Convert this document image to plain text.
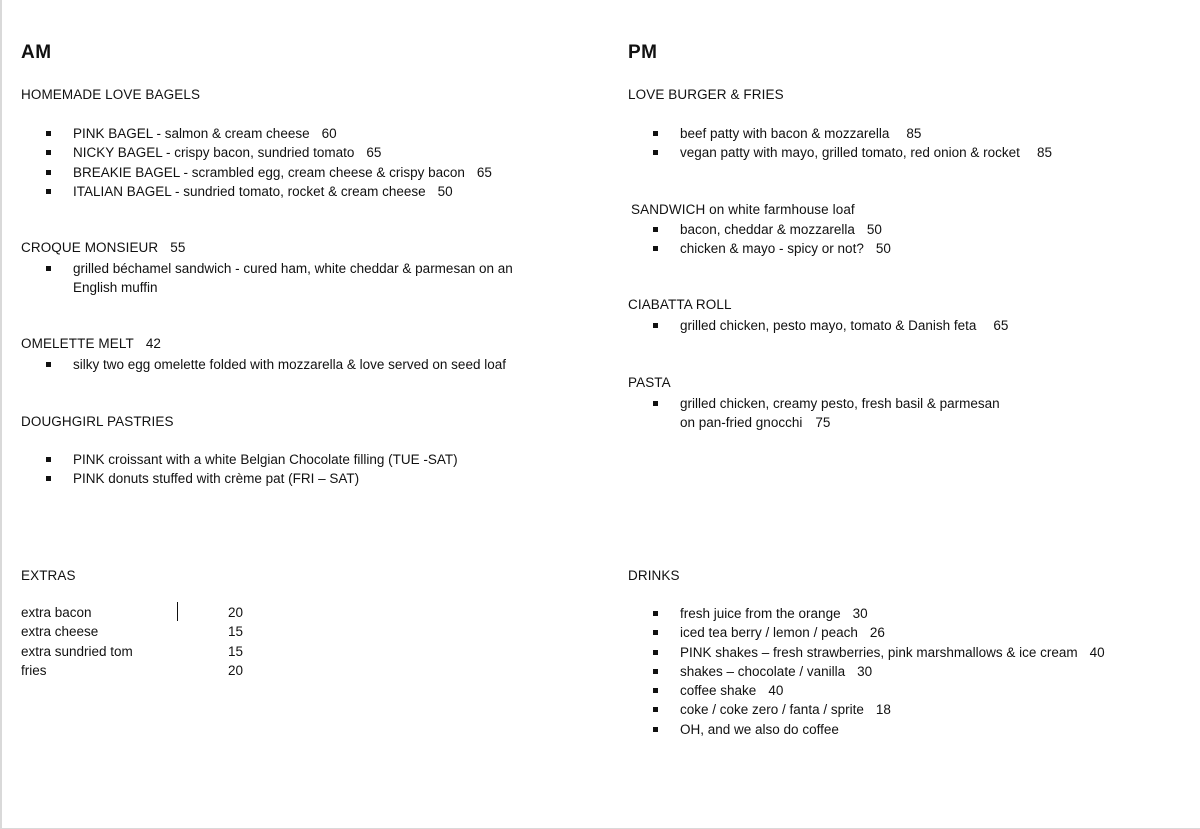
AM
HOMEMADE LOVE BAGELS
PINK BAGEL - salmon & cream cheese 60
NICKY BAGEL - crispy bacon, sundried tomato 65
BREAKIE BAGEL - scrambled egg, cream cheese & crispy bacon 65
ITALIAN BAGEL - sundried tomato, rocket & cream cheese 50
CROQUE MONSIEUR 55
grilled béchamel sandwich - cured ham, white cheddar & parmesan on an English muffin
OMELETTE MELT 42
silky two egg omelette folded with mozzarella & love served on seed loaf
DOUGHGIRL PASTRIES
PINK croissant with a white Belgian Chocolate filling (TUE -SAT)
PINK donuts stuffed with crème pat (FRI – SAT)
EXTRAS
extra bacon	20
extra cheese	15
extra sundried tom	15
fries	20
PM
LOVE BURGER & FRIES
beef patty with bacon & mozzarella 85
vegan patty with mayo, grilled tomato, red onion & rocket 85
SANDWICH on white farmhouse loaf
bacon, cheddar & mozzarella 50
chicken & mayo - spicy or not? 50
CIABATTA ROLL
grilled chicken, pesto mayo, tomato & Danish feta 65
PASTA
grilled chicken, creamy pesto, fresh basil & parmesan
on pan-fried gnocchi 75
DRINKS
fresh juice from the orange 30
iced tea berry / lemon / peach 26
PINK shakes – fresh strawberries, pink marshmallows & ice cream 40
shakes – chocolate / vanilla 30
coffee shake 40
coke / coke zero / fanta / sprite 18
OH, and we also do coffee
